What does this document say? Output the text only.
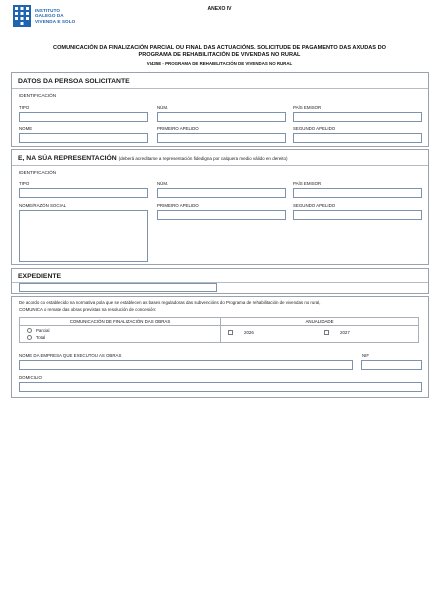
INSTITUTO
GALEGO DA
VIVENDA E SOLO
ANEXO IV
COMUNICACIÓN DA FINALIZACIÓN PARCIAL OU FINAL DAS ACTUACIÓNS. SOLICITUDE DE PAGAMENTO DAS AXUDAS DO
PROGRAMA DE REHABILITACIÓN DE VIVENDAS NO RURAL
VI435E - PROGRAMA DE REHABILITACIÓN DE VIVENDAS NO RURAL
DATOS DA PERSOA SOLICITANTE
IDENTIFICACIÓN
TIPO	NÚM.	PAÍS EMISOR
NOME	PRIMEIRO APELIDO	SEGUNDO APELIDO
E, NA SÚA REPRESENTACIÓN (deberá acreditarse a representación fidedigna por calquera medio válido en dereito)
IDENTIFICACIÓN
TIPO	NÚM.	PAÍS EMISOR
NOME/RAZÓN SOCIAL	PRIMEIRO APELIDO	SEGUNDO APELIDO
EXPEDIENTE
De acordo co establecido na normativa pola que se establecen as bases reguladoras das subvencións do Programa de rehabilitación de vivendas no rural,
COMUNICA o remate das obras previstas na resolución de concesión:
COMUNICACIÓN DE FINALIZACIÓN DAS OBRAS	ANUALIDADE
Parcial
Total
2026	2027
NOME DA EMPRESA QUE EXECUTOU AS OBRAS	NIF
DOMICILIO
